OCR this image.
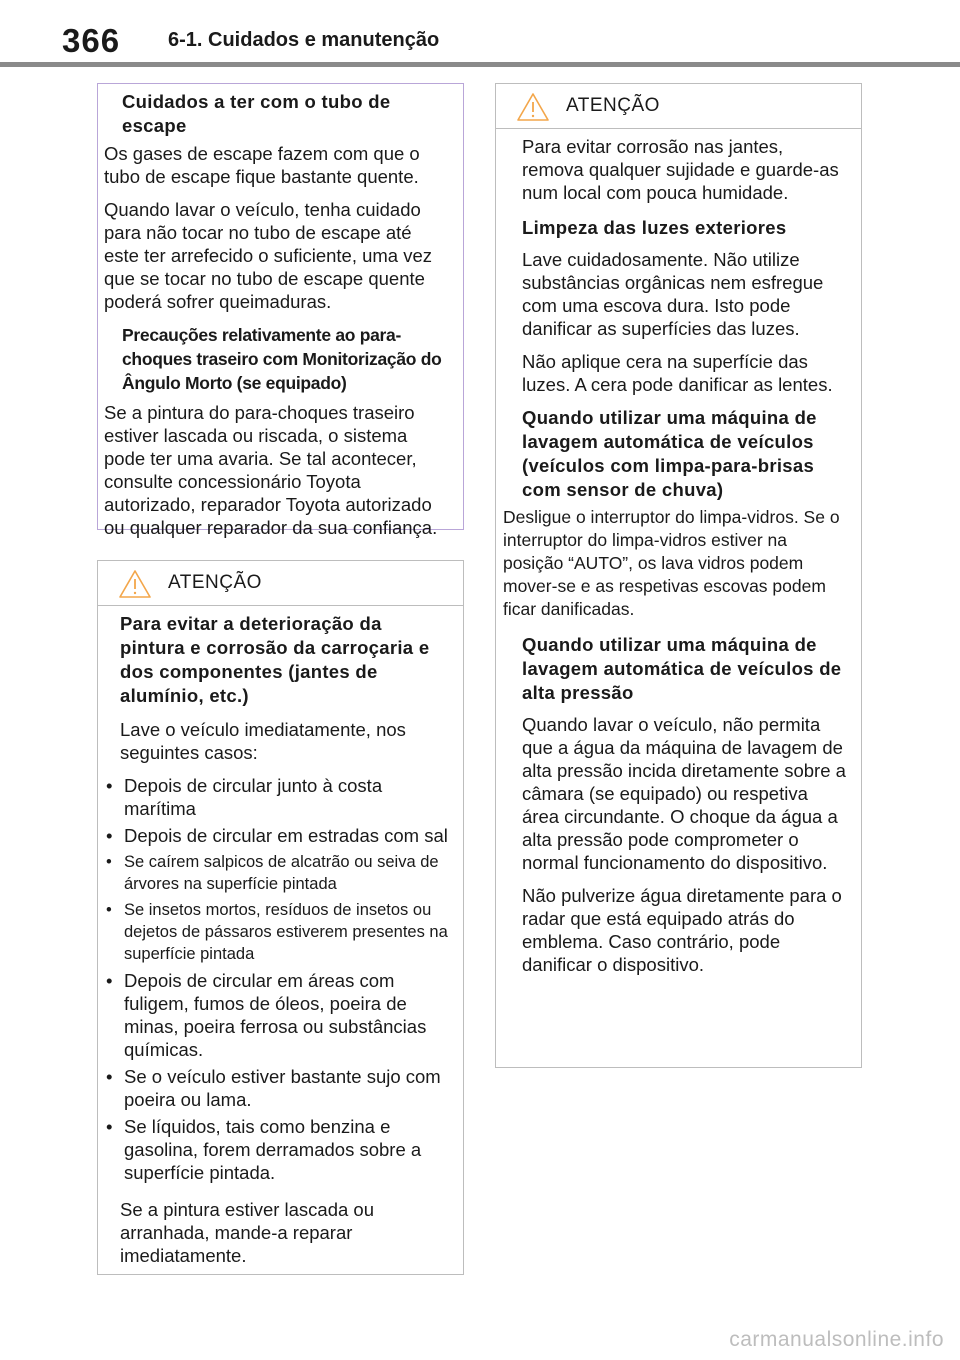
366 6-1. Cuidados e manutenção
Cuidados a ter com o tubo de escape
Os gases de escape fazem com que o tubo de escape fique bastante quente.
Quando lavar o veículo, tenha cuidado para não tocar no tubo de escape até este ter arrefecido o suficiente, uma vez que se tocar no tubo de escape quente poderá sofrer queimaduras.
Precauções relativamente ao para-choques traseiro com Monitorização do Ângulo Morto (se equipado)
Se a pintura do para-choques traseiro estiver lascada ou riscada, o sistema pode ter uma avaria. Se tal acontecer, consulte concessionário Toyota autorizado, reparador Toyota autorizado ou qualquer reparador da sua confiança.
ATENÇÃO
Para evitar a deterioração da pintura e corrosão da carroçaria e dos componentes (jantes de alumínio, etc.)
Lave o veículo imediatamente, nos seguintes casos:
• Depois de circular junto à costa marítima
• Depois de circular em estradas com sal
• Se caírem salpicos de alcatrão ou seiva de árvores na superfície pintada
• Se insetos mortos, resíduos de insetos ou dejetos de pássaros estiverem presentes na superfície pintada
• Depois de circular em áreas com fuligem, fumos de óleos, poeira de minas, poeira ferrosa ou substâncias químicas.
• Se o veículo estiver bastante sujo com poeira ou lama.
• Se líquidos, tais como benzina e gasolina, forem derramados sobre a superfície pintada.
Se a pintura estiver lascada ou arranhada, mande-a reparar imediatamente.
ATENÇÃO
Para evitar corrosão nas jantes, remova qualquer sujidade e guarde-as num local com pouca humidade.
Limpeza das luzes exteriores
Lave cuidadosamente. Não utilize substâncias orgânicas nem esfregue com uma escova dura. Isto pode danificar as superfícies das luzes.
Não aplique cera na superfície das luzes. A cera pode danificar as lentes.
Quando utilizar uma máquina de lavagem automática de veículos (veículos com limpa-para-brisas com sensor de chuva)
Desligue o interruptor do limpa-vidros. Se o interruptor do limpa-vidros estiver na posição “AUTO”, os lava vidros podem mover-se e as respetivas escovas podem ficar danificadas.
Quando utilizar uma máquina de lavagem automática de veículos de alta pressão
Quando lavar o veículo, não permita que a água da máquina de lavagem de alta pressão incida diretamente sobre a câmara (se equipado) ou respetiva área circundante. O choque da água a alta pressão pode comprometer o normal funcionamento do dispositivo.
Não pulverize água diretamente para o radar que está equipado atrás do emblema. Caso contrário, pode danificar o dispositivo.
carmanualsonline.info
